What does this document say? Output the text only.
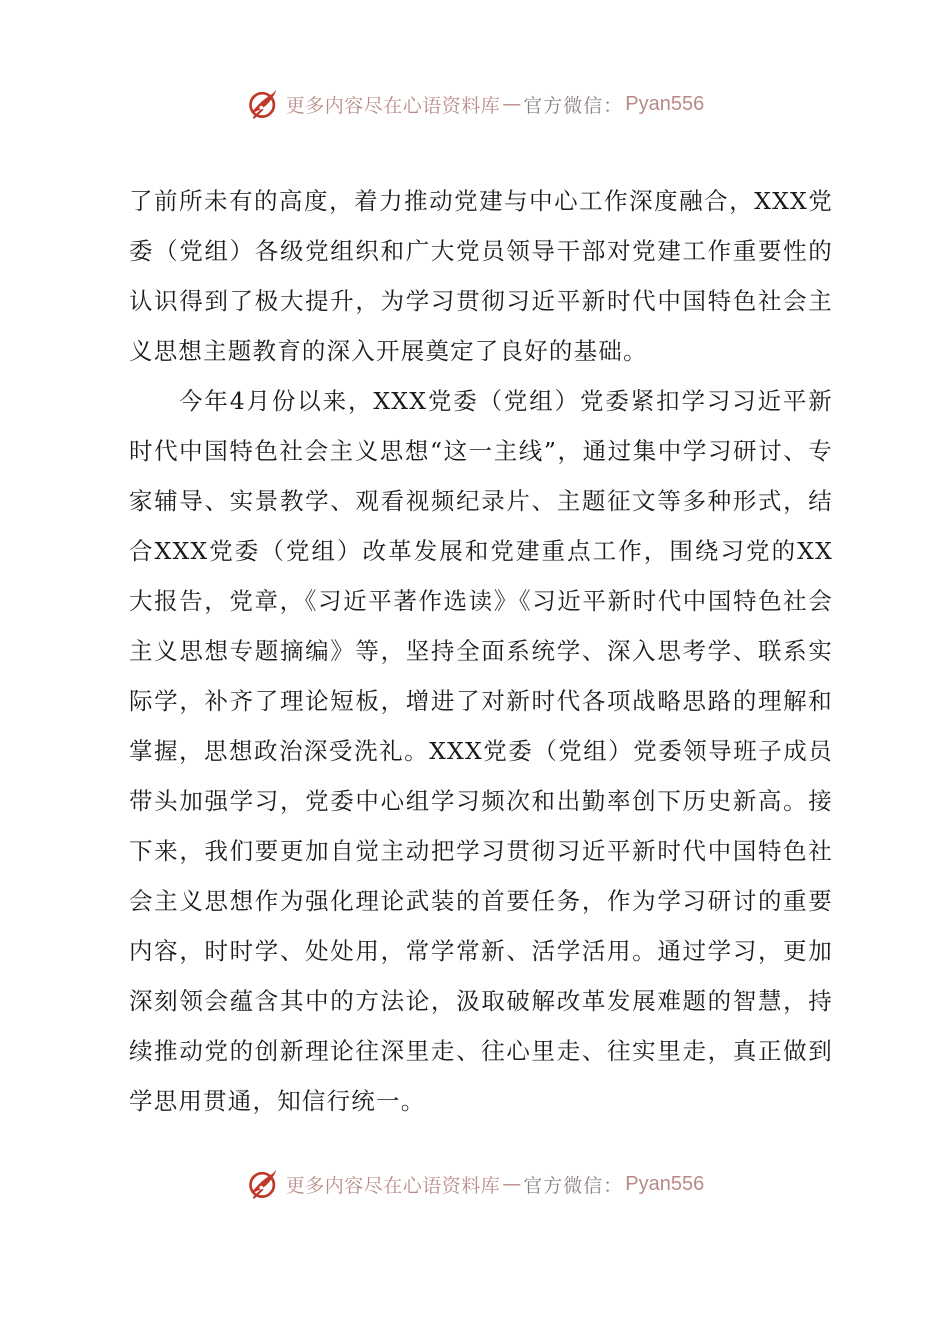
更多内容尽在心语资料库 — 官方微信： Pyan556

了前所未有的高度，着力推动党建与中心工作深度融合，XXX党委（党组）各级党组织和广大党员领导干部对党建工作重要性的认识得到了极大提升，为学习贯彻习近平新时代中国特色社会主义思想主题教育的深入开展奠定了良好的基础。

今年4月份以来，XXX党委（党组）党委紧扣学习习近平新时代中国特色社会主义思想“这一主线”，通过集中学习研讨、专家辅导、实景教学、观看视频纪录片、主题征文等多种形式，结合XXX党委（党组）改革发展和党建重点工作，围绕习党的XX大报告，党章，《习近平著作选读》《习近平新时代中国特色社会主义思想专题摘编》等，坚持全面系统学、深入思考学、联系实际学，补齐了理论短板，增进了对新时代各项战略思路的理解和掌握，思想政治深受洗礼。XXX党委（党组）党委领导班子成员带头加强学习，党委中心组学习频次和出勤率创下历史新高。接下来，我们要更加自觉主动把学习贯彻习近平新时代中国特色社会主义思想作为强化理论武装的首要任务，作为学习研讨的重要内容，时时学、处处用，常学常新、活学活用。通过学习，更加深刻领会蕴含其中的方法论，汲取破解改革发展难题的智慧，持续推动党的创新理论往深里走、往心里走、往实里走，真正做到学思用贯通，知信行统一。

更多内容尽在心语资料库 — 官方微信： Pyan556
